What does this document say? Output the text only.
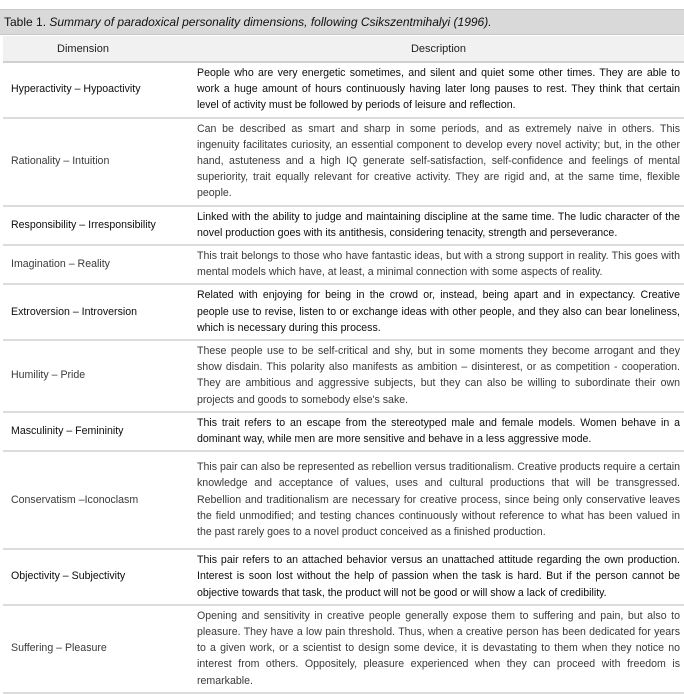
Table 1. Summary of paradoxical personality dimensions, following Csikszentmihalyi (1996).
Dimension	Description
Hyperactivity – Hypoactivity	People who are very energetic sometimes, and silent and quiet some other times. They are able to work a huge amount of hours continuously having later long pauses to rest. They think that certain level of activity must be followed by periods of leisure and reflection.
Rationality – Intuition	Can be described as smart and sharp in some periods, and as extremely naive in others. This ingenuity facilitates curiosity, an essential component to develop every novel activity; but, in the other hand, astuteness and a high IQ generate self-satisfaction, self-confidence and feelings of mental superiority, trait equally relevant for creative activity. They are rigid and, at the same time, flexible people.
Responsibility – Irresponsibility	Linked with the ability to judge and maintaining discipline at the same time. The ludic character of the novel production goes with its antithesis, considering tenacity, strength and perseverance.
Imagination – Reality	This trait belongs to those who have fantastic ideas, but with a strong support in reality. This goes with mental models which have, at least, a minimal connection with some aspects of reality.
Extroversion – Introversion	Related with enjoying for being in the crowd or, instead, being apart and in expectancy. Creative people use to revise, listen to or exchange ideas with other people, and they also can bear loneliness, which is necessary during this process.
Humility – Pride	These people use to be self-critical and shy, but in some moments they become arrogant and they show disdain. This polarity also manifests as ambition – disinterest, or as competition - cooperation. They are ambitious and aggressive subjects, but they can also be willing to subordinate their own projects and goods to somebody else's sake.
Masculinity – Femininity	This trait refers to an escape from the stereotyped male and female models. Women behave in a dominant way, while men are more sensitive and behave in a less aggressive mode.
Conservatism –Iconoclasm	This pair can also be represented as rebellion versus traditionalism. Creative products require a certain knowledge and acceptance of values, uses and cultural productions that will be transgressed. Rebellion and traditionalism are necessary for creative process, since being only conservative leaves the field unmodified; and testing chances continuously without reference to what has been valued in the past rarely goes to a novel product conceived as a finished production.
Objectivity – Subjectivity	This pair refers to an attached behavior versus an unattached attitude regarding the own production. Interest is soon lost without the help of passion when the task is hard. But if the person cannot be objective towards that task, the product will not be good or will show a lack of credibility.
Suffering – Pleasure	Opening and sensitivity in creative people generally expose them to suffering and pain, but also to pleasure. They have a low pain threshold. Thus, when a creative person has been dedicated for years to a given work, or a scientist to design some device, it is devastating to them when they notice no interest from others. Oppositely, pleasure experienced when they can proceed with freedom is remarkable.
